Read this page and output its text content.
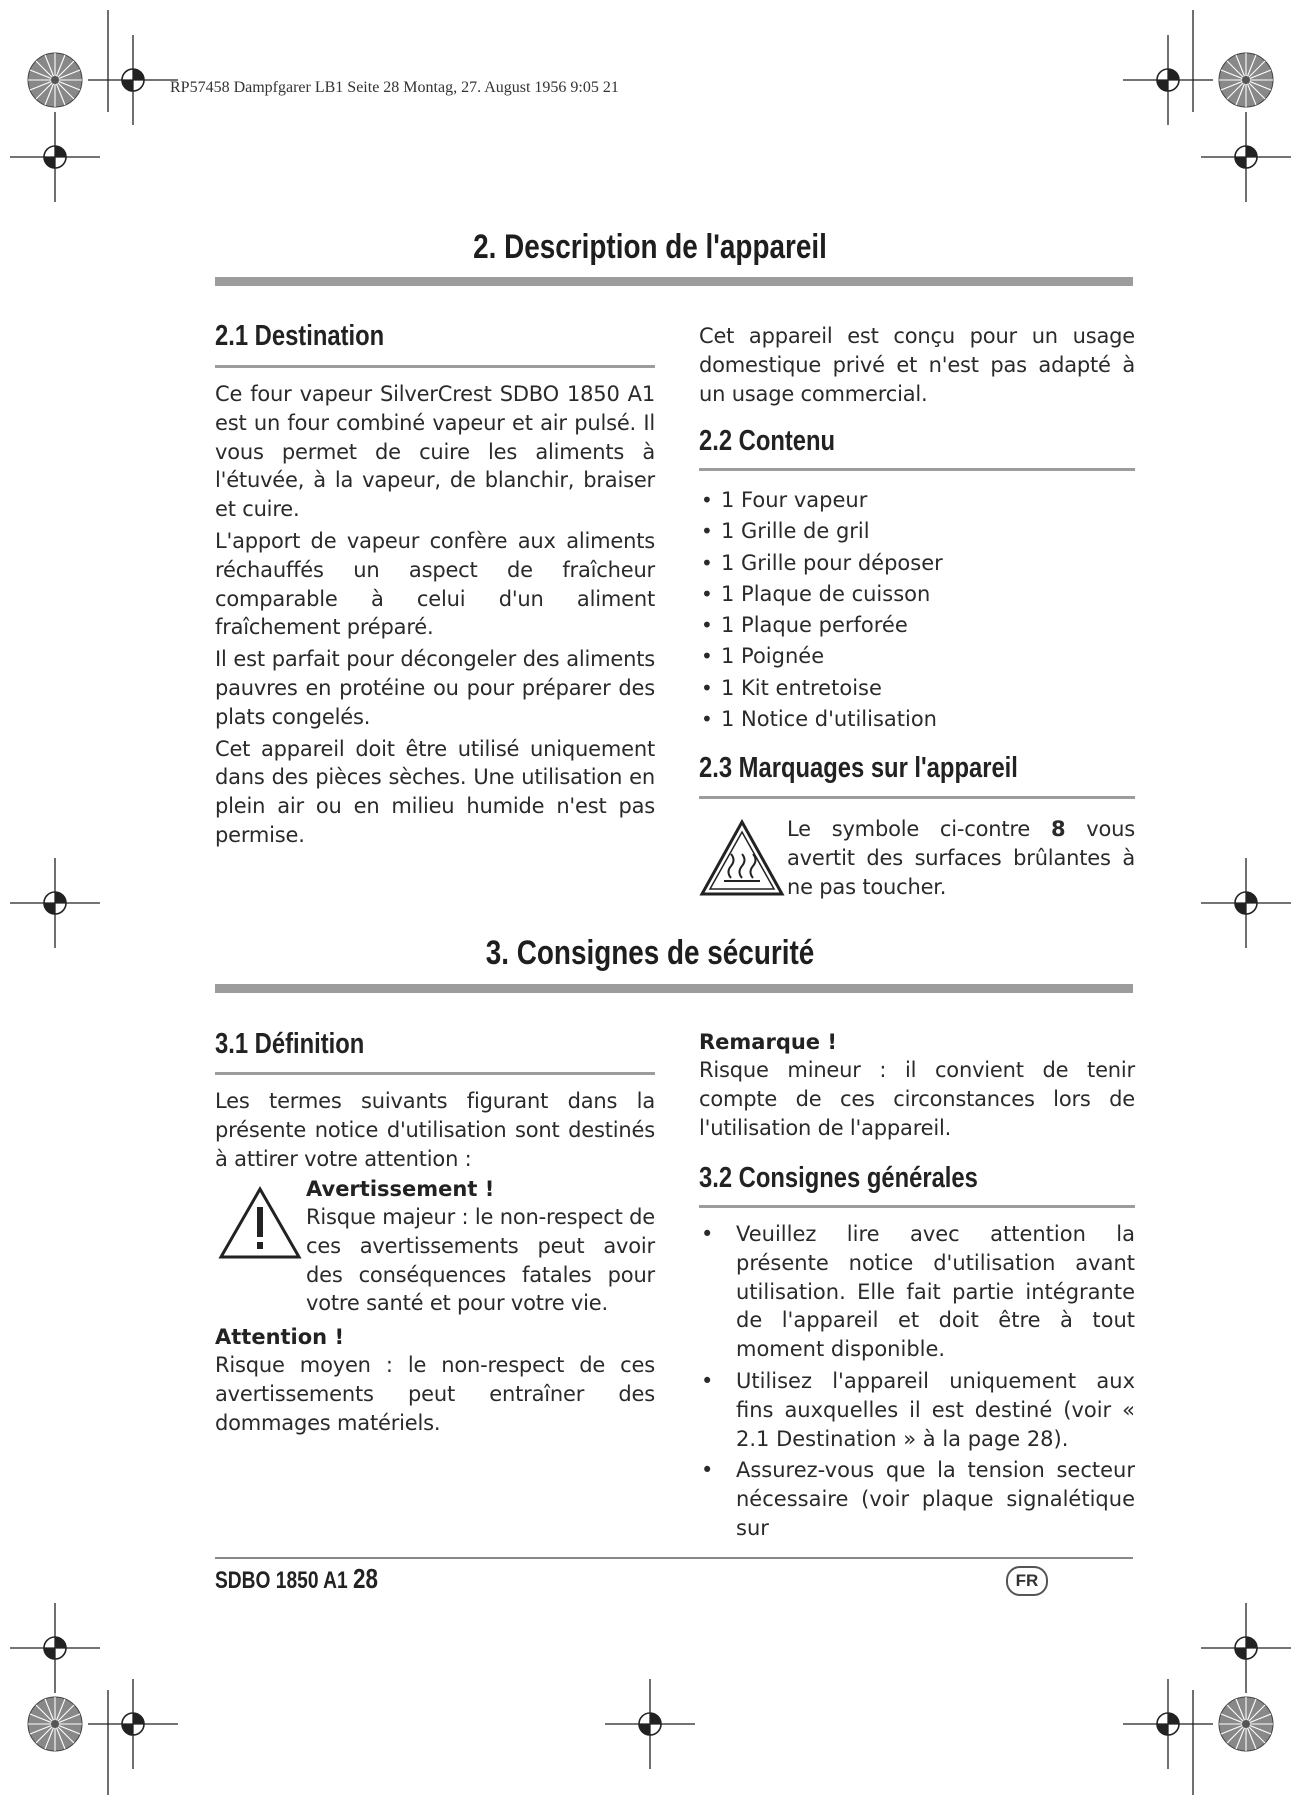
RP57458 Dampfgarer LB1 Seite 28 Montag, 27. August 1956 9:05 21
2. Description de l'appareil
2.1 Destination

Ce four vapeur SilverCrest SDBO 1850 A1 est un four combiné vapeur et air pulsé. Il vous permet de cuire les aliments à l'étuvée, à la vapeur, de blanchir, braiser et cuire.

L'apport de vapeur confère aux aliments réchauffés un aspect de fraîcheur comparable à celui d'un aliment fraîchement préparé.

Il est parfait pour décongeler des aliments pauvres en protéine ou pour préparer des plats congelés.

Cet appareil doit être utilisé uniquement dans des pièces sèches. Une utilisation en plein air ou en milieu humide n'est pas permise.

Cet appareil est conçu pour un usage domestique privé et n'est pas adapté à un usage commercial.
2.2 Contenu
• 1 Four vapeur
• 1 Grille de gril
• 1 Grille pour déposer
• 1 Plaque de cuisson
• 1 Plaque perforée
• 1 Poignée
• 1 Kit entretoise
• 1 Notice d'utilisation
2.3 Marquages sur l'appareil
Le symbole ci-contre 8 vous avertit des surfaces brûlantes à ne pas toucher.
3. Consignes de sécurité
3.1 Définition
Les termes suivants figurant dans la présente notice d'utilisation sont destinés à attirer votre attention :
Avertissement !
Risque majeur : le non-respect de ces avertissements peut avoir des conséquences fatales pour votre santé et pour votre vie.
Attention !
Risque moyen : le non-respect de ces avertissements peut entraîner des dommages matériels.
Remarque !
Risque mineur : il convient de tenir compte de ces circonstances lors de l'utilisation de l'appareil.
3.2 Consignes générales
• Veuillez lire avec attention la présente notice d'utilisation avant utilisation. Elle fait partie intégrante de l'appareil et doit être à tout moment disponible.
• Utilisez l'appareil uniquement aux fins auxquelles il est destiné (voir « 2.1 Destination » à la page 28).
• Assurez-vous que la tension secteur nécessaire (voir plaque signalétique sur
SDBO 1850 A1 28	FR
